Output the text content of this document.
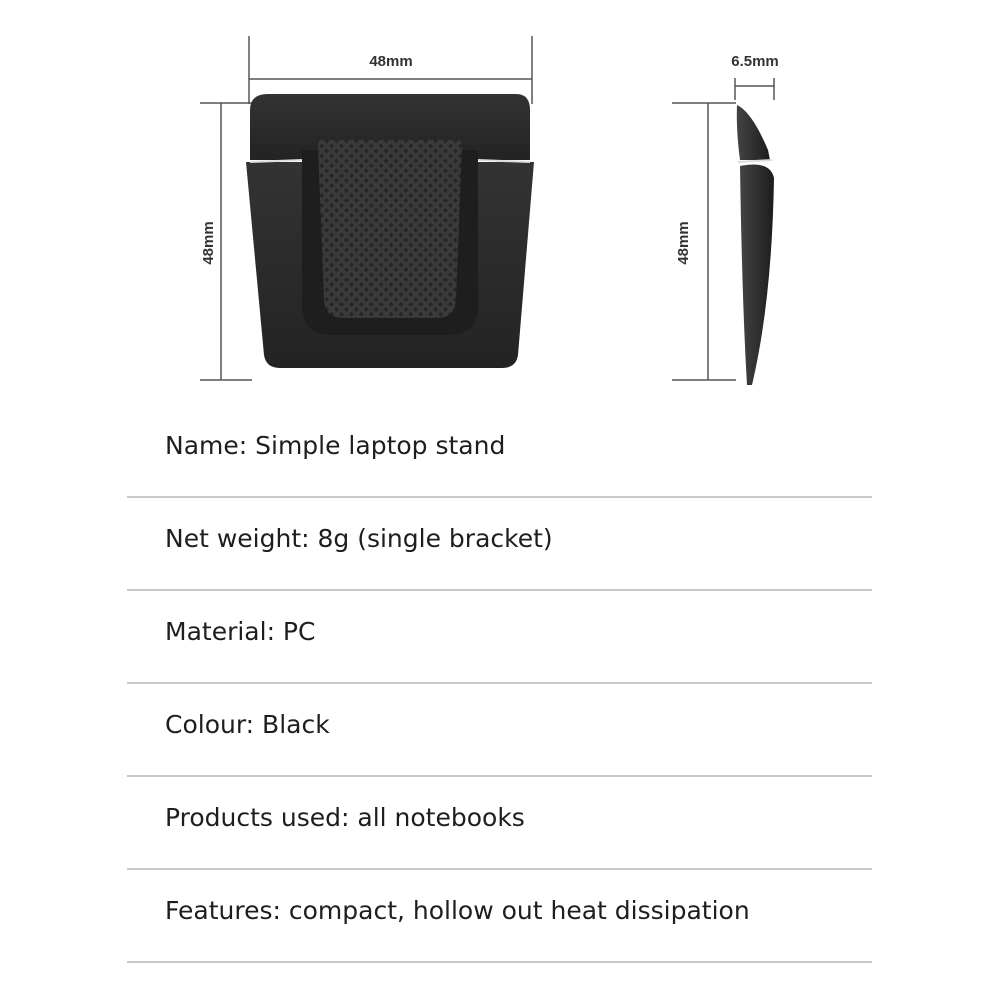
48mm
48mm
6.5mm
48mm
Name: Simple laptop stand
Net weight: 8g (single bracket)
Material: PC
Colour: Black
Products used: all notebooks
Features: compact, hollow out heat dissipation
